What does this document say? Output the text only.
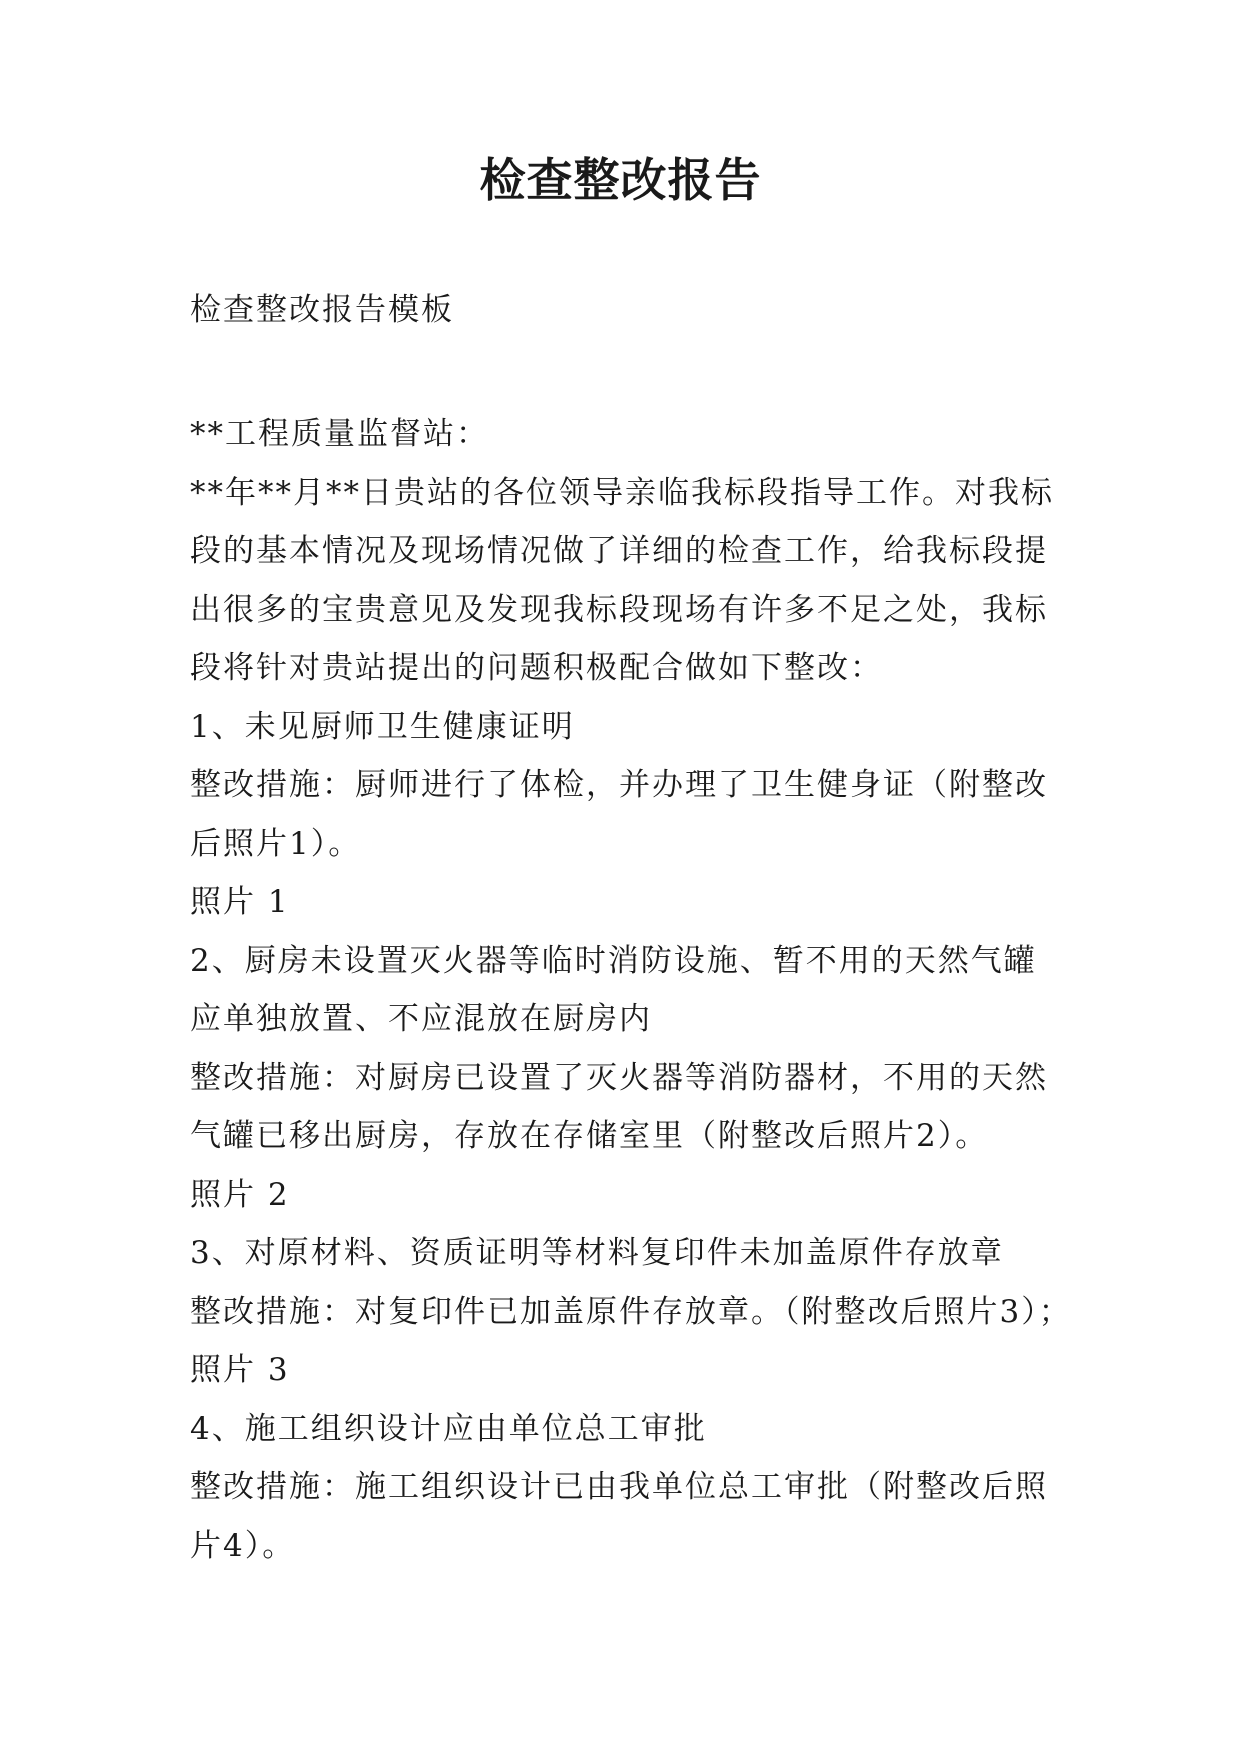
检查整改报告
检查整改报告模板
**工程质量监督站：
**年**月**日贵站的各位领导亲临我标段指导工作。对我标
段的基本情况及现场情况做了详细的检查工作，给我标段提
出很多的宝贵意见及发现我标段现场有许多不足之处，我标
段将针对贵站提出的问题积极配合做如下整改：
1、未见厨师卫生健康证明
整改措施：厨师进行了体检，并办理了卫生健身证（附整改
后照片1）。
照片 1
2、厨房未设置灭火器等临时消防设施、暂不用的天然气罐
应单独放置、不应混放在厨房内
整改措施：对厨房已设置了灭火器等消防器材，不用的天然
气罐已移出厨房，存放在存储室里（附整改后照片2）。
照片 2
3、对原材料、资质证明等材料复印件未加盖原件存放章
整改措施：对复印件已加盖原件存放章。（附整改后照片3）；
照片 3
4、施工组织设计应由单位总工审批
整改措施：施工组织设计已由我单位总工审批（附整改后照
片4）。
